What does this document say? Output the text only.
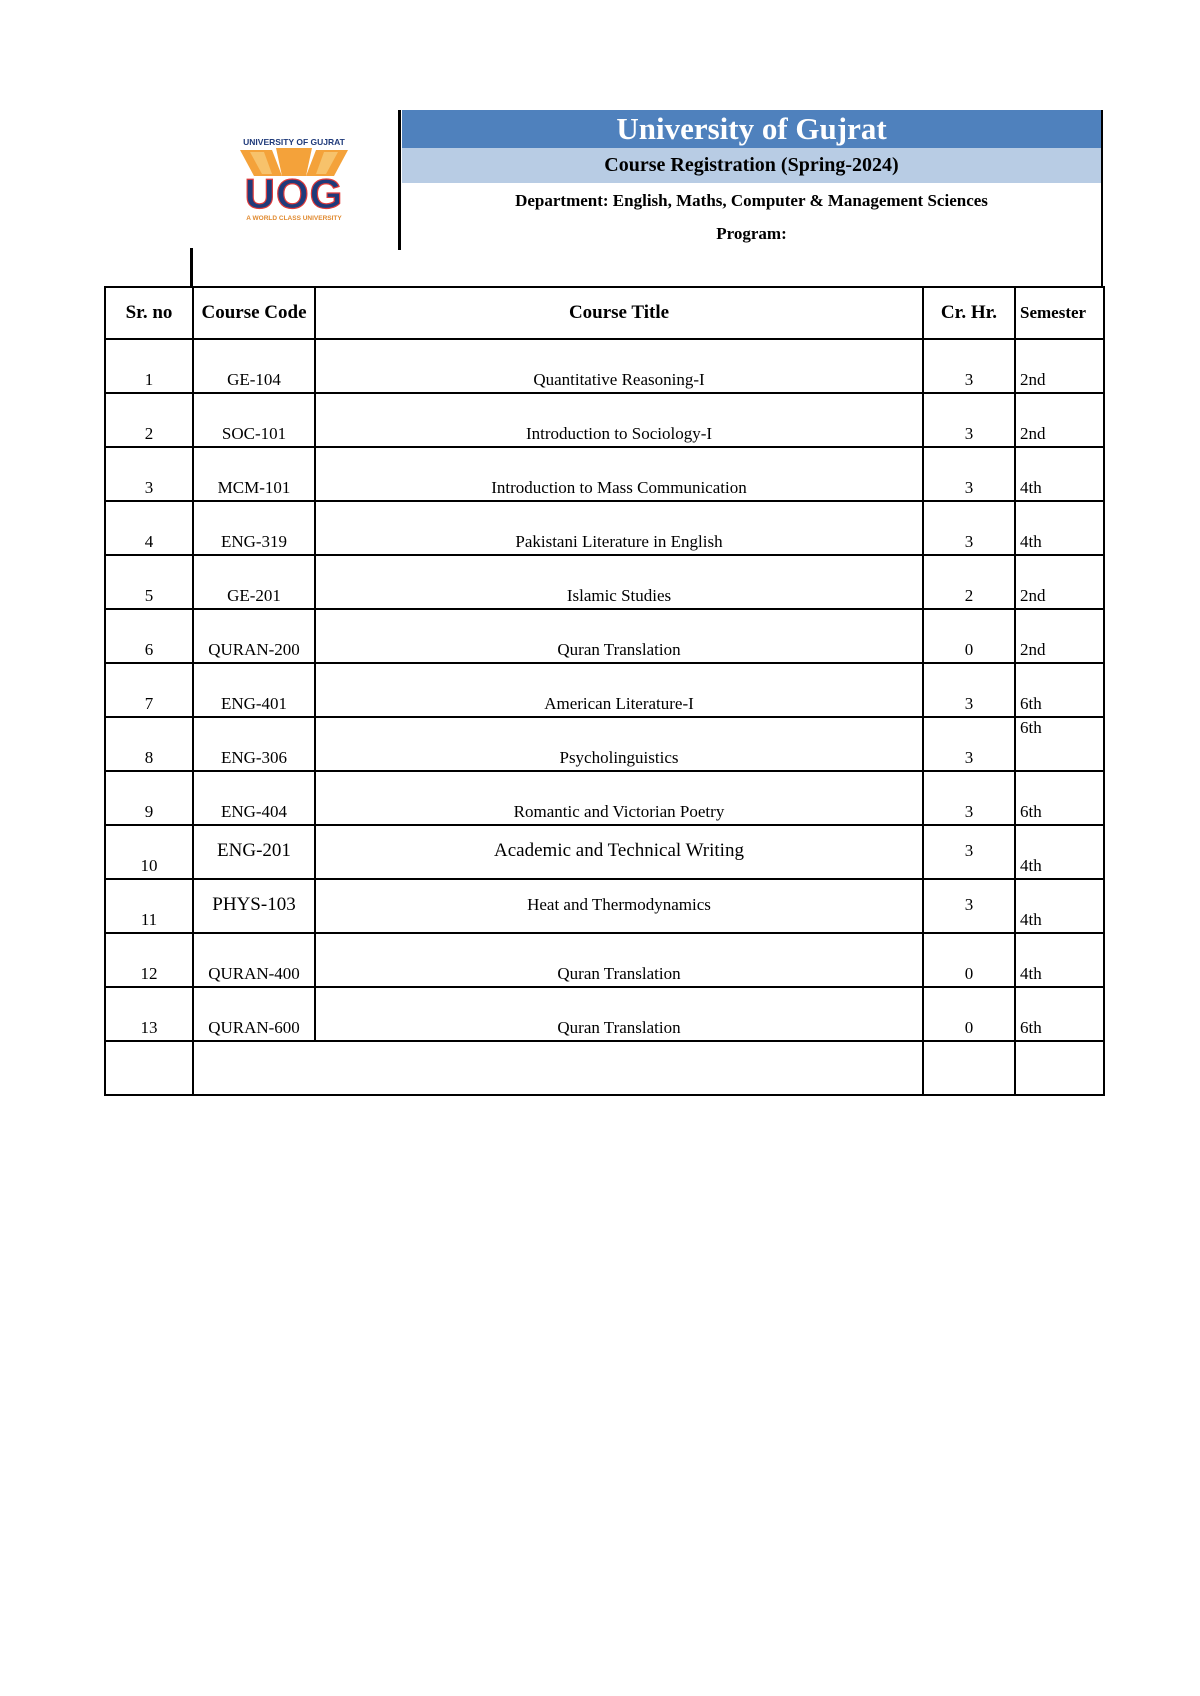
UNIVERSITY OF GUJRAT
UOG
A WORLD CLASS UNIVERSITY
University of Gujrat
Course Registration (Spring-2024)
Department: English, Maths, Computer & Management Sciences
Program:
Sr. no	Course Code	Course Title	Cr. Hr.	Semester
1	GE-104	Quantitative Reasoning-I	3	2nd
2	SOC-101	Introduction to Sociology-I	3	2nd
3	MCM-101	Introduction to Mass Communication	3	4th
4	ENG-319	Pakistani Literature in English	3	4th
5	GE-201	Islamic Studies	2	2nd
6	QURAN-200	Quran Translation	0	2nd
7	ENG-401	American Literature-I	3	6th
8	ENG-306	Psycholinguistics	3	6th
9	ENG-404	Romantic and Victorian Poetry	3	6th
10	ENG-201	Academic and Technical Writing	3	4th
11	PHYS-103	Heat and Thermodynamics	3	4th
12	QURAN-400	Quran Translation	0	4th
13	QURAN-600	Quran Translation	0	6th
